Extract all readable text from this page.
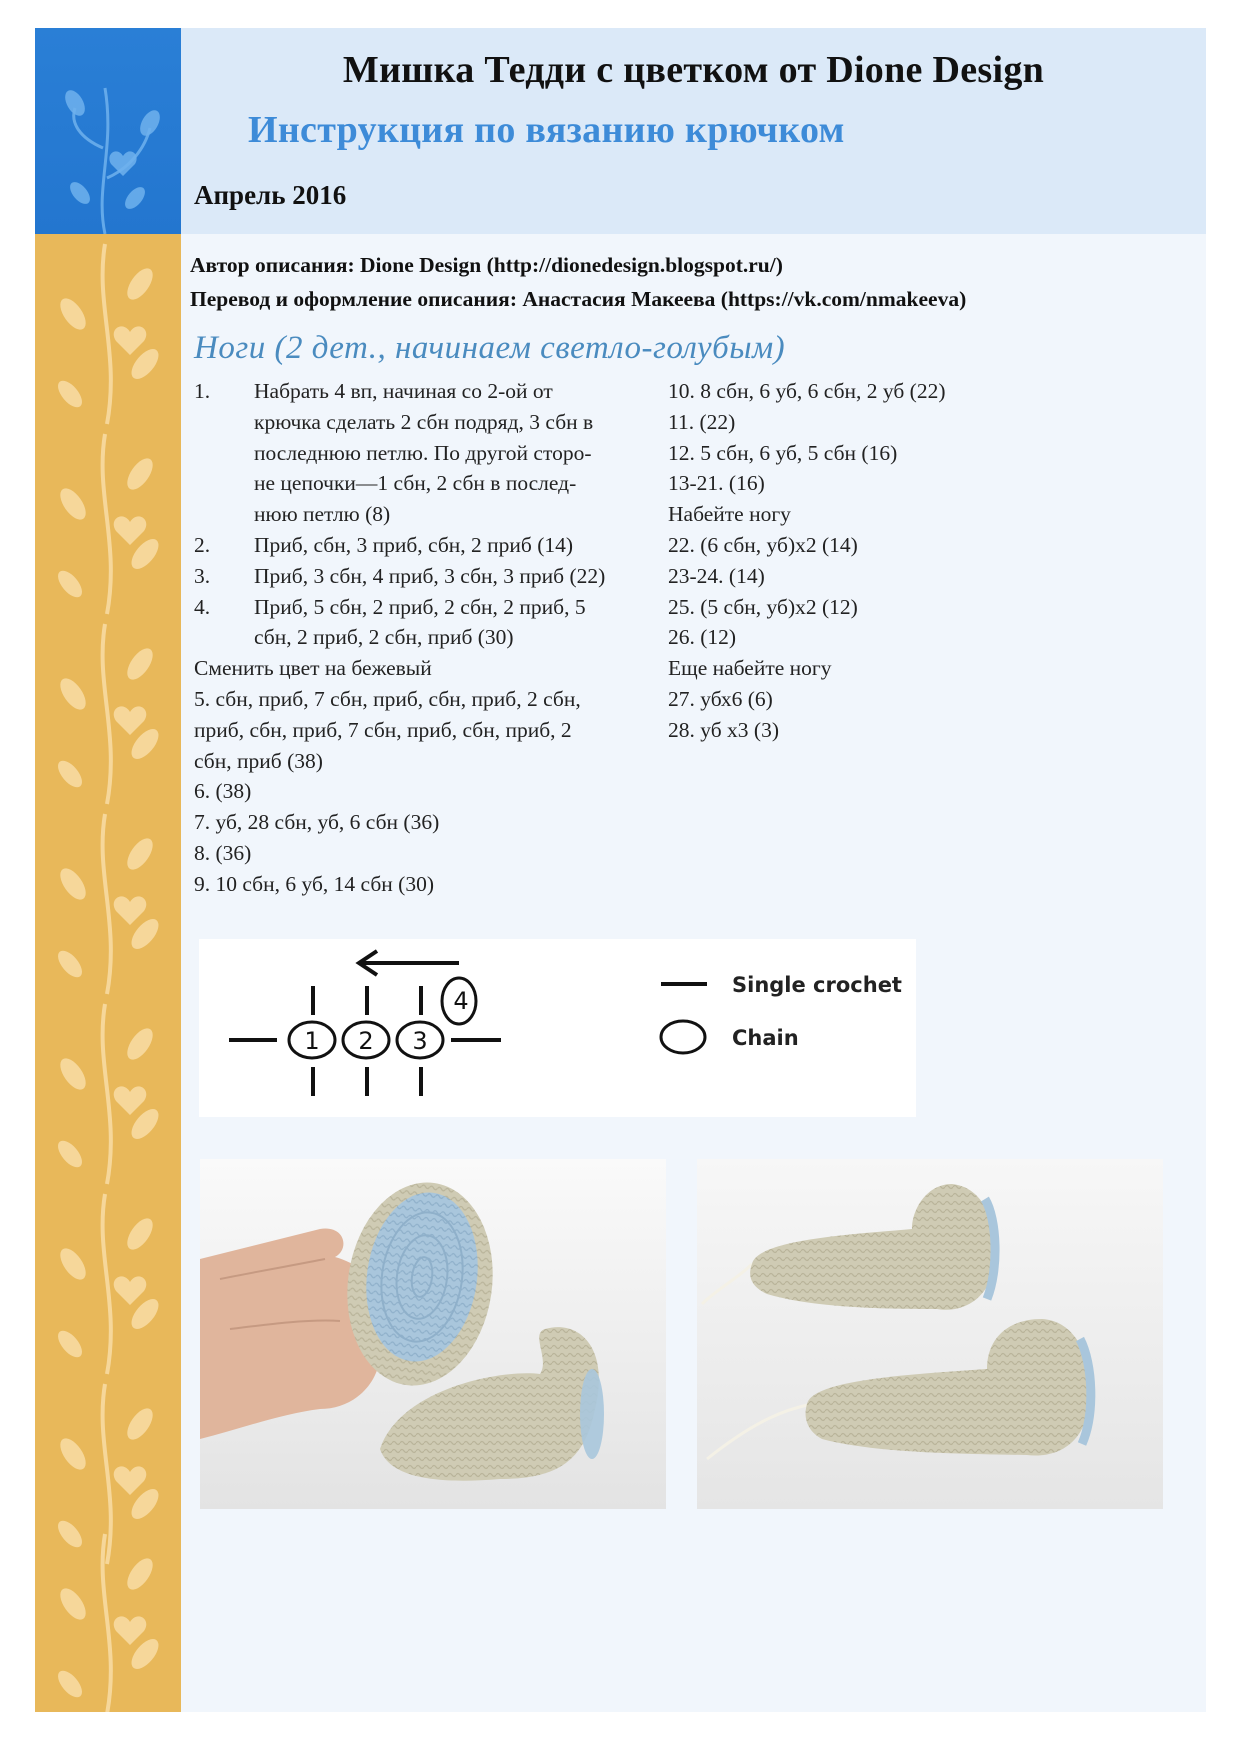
Мишка Тедди с цветком от Dione Design
Инструкция по вязанию крючком
Апрель 2016
Автор описания: Dione Design (http://dionedesign.blogspot.ru/)
Перевод и оформление описания: Анастасия Макеева (https://vk.com/nmakeeva)
Ноги (2 дет., начинаем светло-голубым)
1.	Набрать 4 вп, начиная со 2-ой от
крючка сделать 2 сбн подряд, 3 сбн в
последнюю петлю. По другой сторо-
не цепочки—1 сбн, 2 сбн в послед-
нюю петлю (8)
2.	Приб, сбн, 3 приб, сбн, 2 приб (14)
3.	Приб, 3 сбн, 4 приб, 3 сбн, 3 приб (22)
4.	Приб, 5 сбн, 2 приб, 2 сбн, 2 приб, 5
сбн, 2 приб, 2 сбн, приб (30)
Сменить цвет на бежевый
5. сбн, приб, 7 сбн, приб, сбн, приб, 2 сбн,
приб, сбн, приб, 7 сбн, приб, сбн, приб, 2
сбн, приб (38)
6. (38)
7. уб, 28 сбн, уб, 6 сбн (36)
8. (36)
9. 10 сбн, 6 уб, 14 сбн (30)
10. 8 сбн, 6 уб, 6 сбн, 2 уб (22)
11. (22)
12. 5 сбн, 6 уб, 5 сбн (16)
13-21. (16)
Набейте ногу
22. (6 сбн, уб)х2 (14)
23-24. (14)
25. (5 сбн, уб)х2 (12)
26. (12)
Еще набейте ногу
27. убх6 (6)
28. уб х3 (3)
1 2 3
4
Single crochet
Chain
